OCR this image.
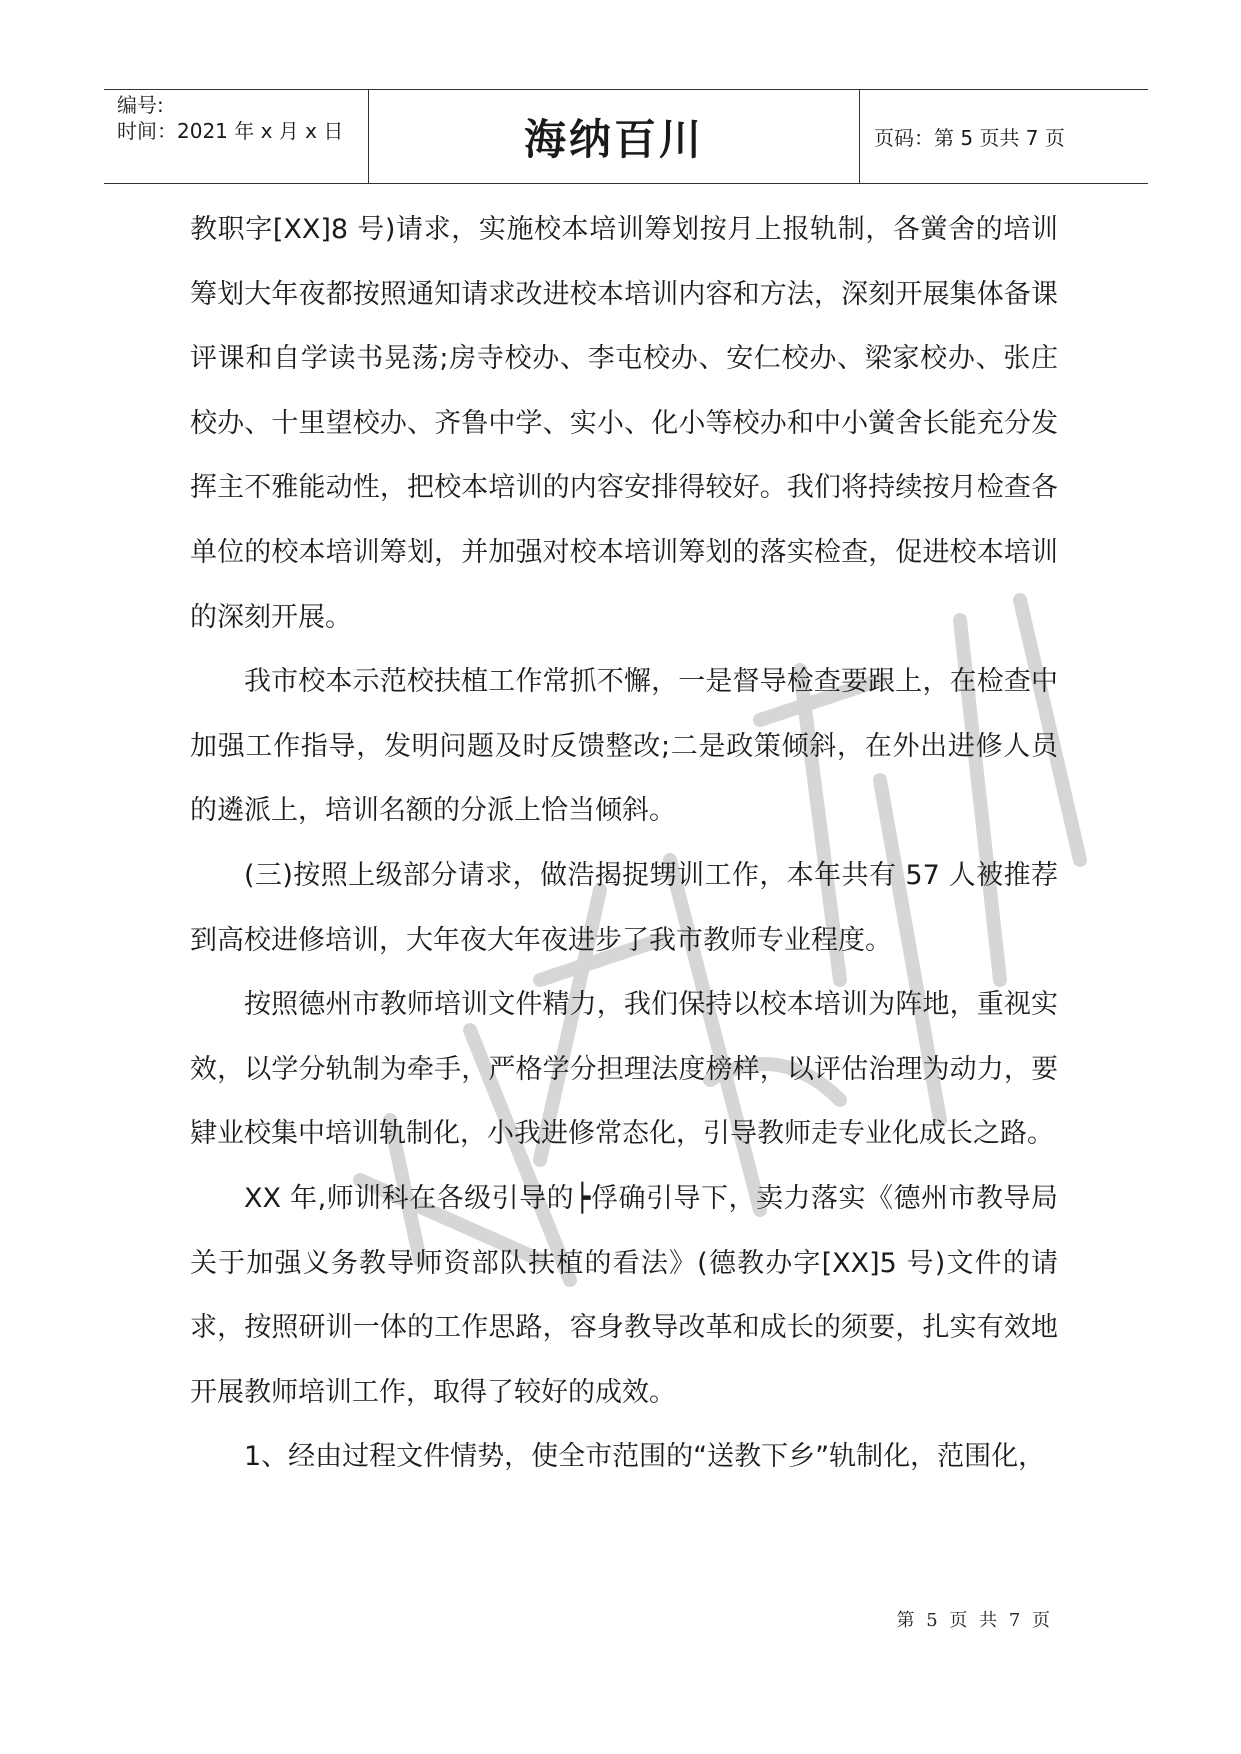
编号:
时间：2021 年 x 月 x 日	海纳百川	页码：第 5 页共 7 页

教职字[XX]8 号)请求，实施校本培训筹划按月上报轨制，各黉舍的培训筹划大年夜都按照通知请求改进校本培训内容和方法，深刻开展集体备课评课和自学读书晃荡;房寺校办、李屯校办、安仁校办、梁家校办、张庄校办、十里望校办、齐鲁中学、实小、化小等校办和中小黉舍长能充分发挥主不雅能动性，把校本培训的内容安排得较好。我们将持续按月检查各单位的校本培训筹划，并加强对校本培训筹划的落实检查，促进校本培训的深刻开展。

我市校本示范校扶植工作常抓不懈，一是督导检查要跟上，在检查中加强工作指导，发明问题及时反馈整改;二是政策倾斜，在外出进修人员的遴派上，培训名额的分派上恰当倾斜。

(三)按照上级部分请求，做浩揭捉甥训工作，本年共有 57 人被推荐到高校进修培训，大年夜大年夜进步了我市教师专业程度。

按照德州市教师培训文件精力，我们保持以校本培训为阵地，重视实效，以学分轨制为牵手，严格学分担理法度榜样，以评估治理为动力，要肄业校集中培训轨制化，小我进修常态化，引导教师走专业化成长之路。

XX 年,师训科在各级引导的┝俘确引导下，卖力落实《德州市教导局关于加强义务教导师资部队扶植的看法》(德教办字[XX]5 号)文件的请求，按照研训一体的工作思路，容身教导改革和成长的须要，扎实有效地开展教师培训工作，取得了较好的成效。

1、经由过程文件情势，使全市范围的“送教下乡”轨制化，范围化，

第 5 页 共 7 页
